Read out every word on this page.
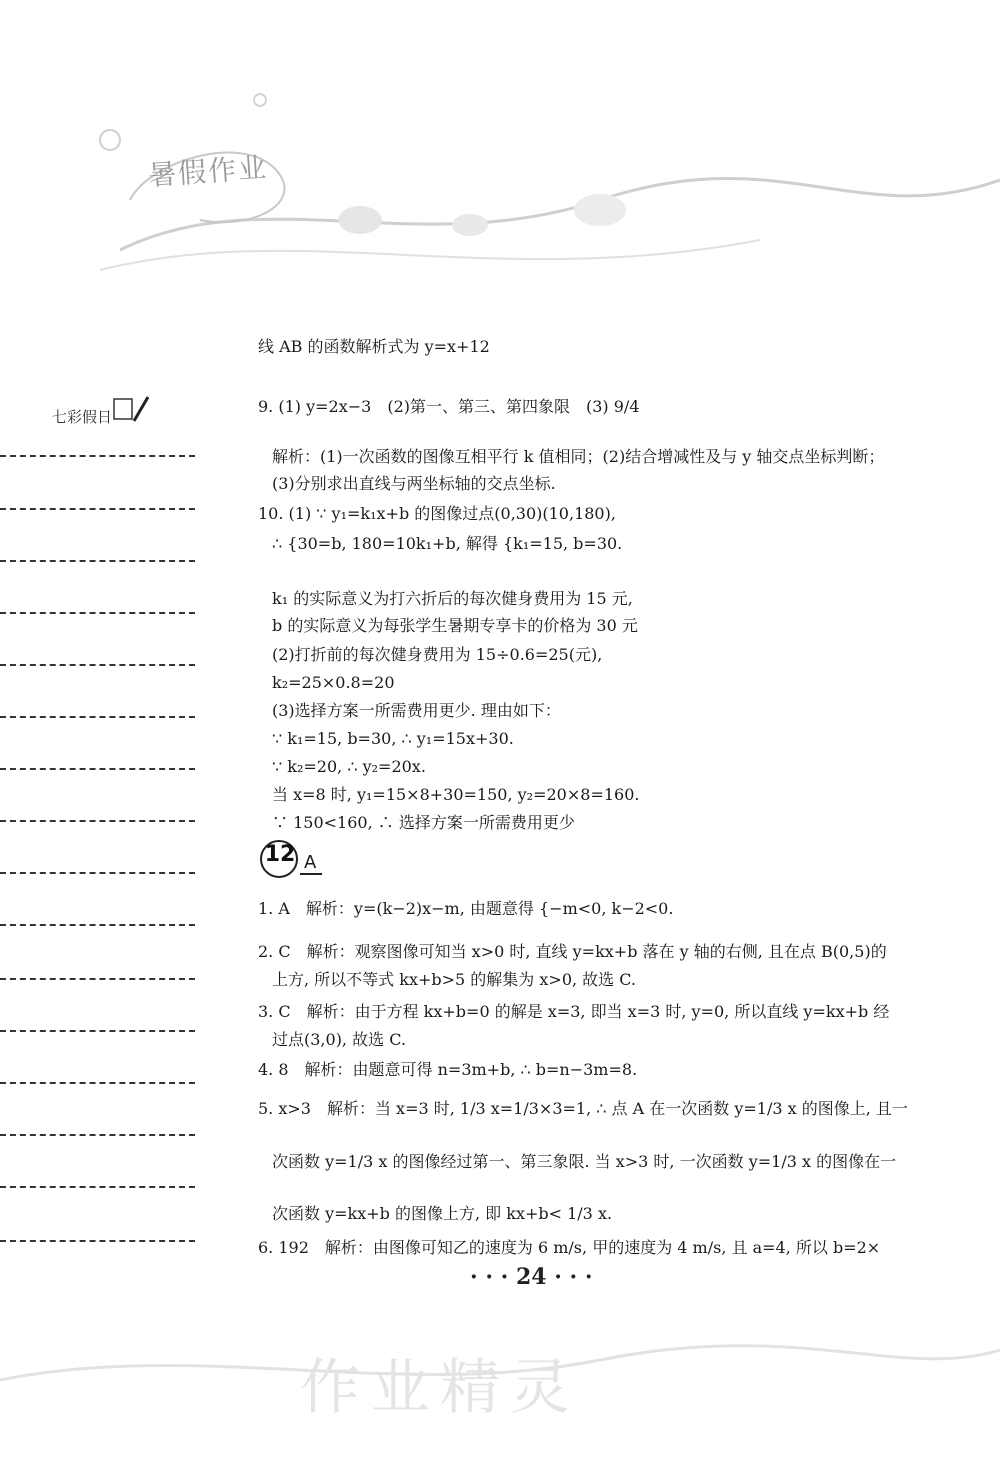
暑假作业
七彩假日
线 AB 的函数解析式为 y=x+12
9. (1) y=2x−3　(2)第一、第三、第四象限　(3) 9/4
解析：(1)一次函数的图像互相平行 k 值相同；(2)结合增减性及与 y 轴交点坐标判断；
(3)分别求出直线与两坐标轴的交点坐标.
10. (1) ∵ y₁=k₁x+b 的图像过点(0,30)(10,180),
∴ {30=b, 180=10k₁+b, 解得 {k₁=15, b=30.
k₁ 的实际意义为打六折后的每次健身费用为 15 元,
b 的实际意义为每张学生暑期专享卡的价格为 30 元
(2)打折前的每次健身费用为 15÷0.6=25(元),
k₂=25×0.8=20
(3)选择方案一所需费用更少. 理由如下：
∵ k₁=15, b=30, ∴ y₁=15x+30.
∵ k₂=20, ∴ y₂=20x.
当 x=8 时, y₁=15×8+30=150, y₂=20×8=160.
∵ 150<160, ∴ 选择方案一所需费用更少
1. A　解析：y=(k−2)x−m, 由题意得 {−m<0, k−2<0.
2. C　解析：观察图像可知当 x>0 时, 直线 y=kx+b 落在 y 轴的右侧, 且在点 B(0,5)的
上方, 所以不等式 kx+b>5 的解集为 x>0, 故选 C.
3. C　解析：由于方程 kx+b=0 的解是 x=3, 即当 x=3 时, y=0, 所以直线 y=kx+b 经
过点(3,0), 故选 C.
4. 8　解析：由题意可得 n=3m+b, ∴ b=n−3m=8.
5. x>3　解析：当 x=3 时, 1/3 x=1/3×3=1, ∴ 点 A 在一次函数 y=1/3 x 的图像上, 且一
次函数 y=1/3 x 的图像经过第一、第三象限. 当 x>3 时, 一次函数 y=1/3 x 的图像在一
次函数 y=kx+b 的图像上方, 即 kx+b< 1/3 x.
6. 192　解析：由图像可知乙的速度为 6 m/s, 甲的速度为 4 m/s, 且 a=4, 所以 b=2×
12 A
· · · 24 · · ·
作业精灵
